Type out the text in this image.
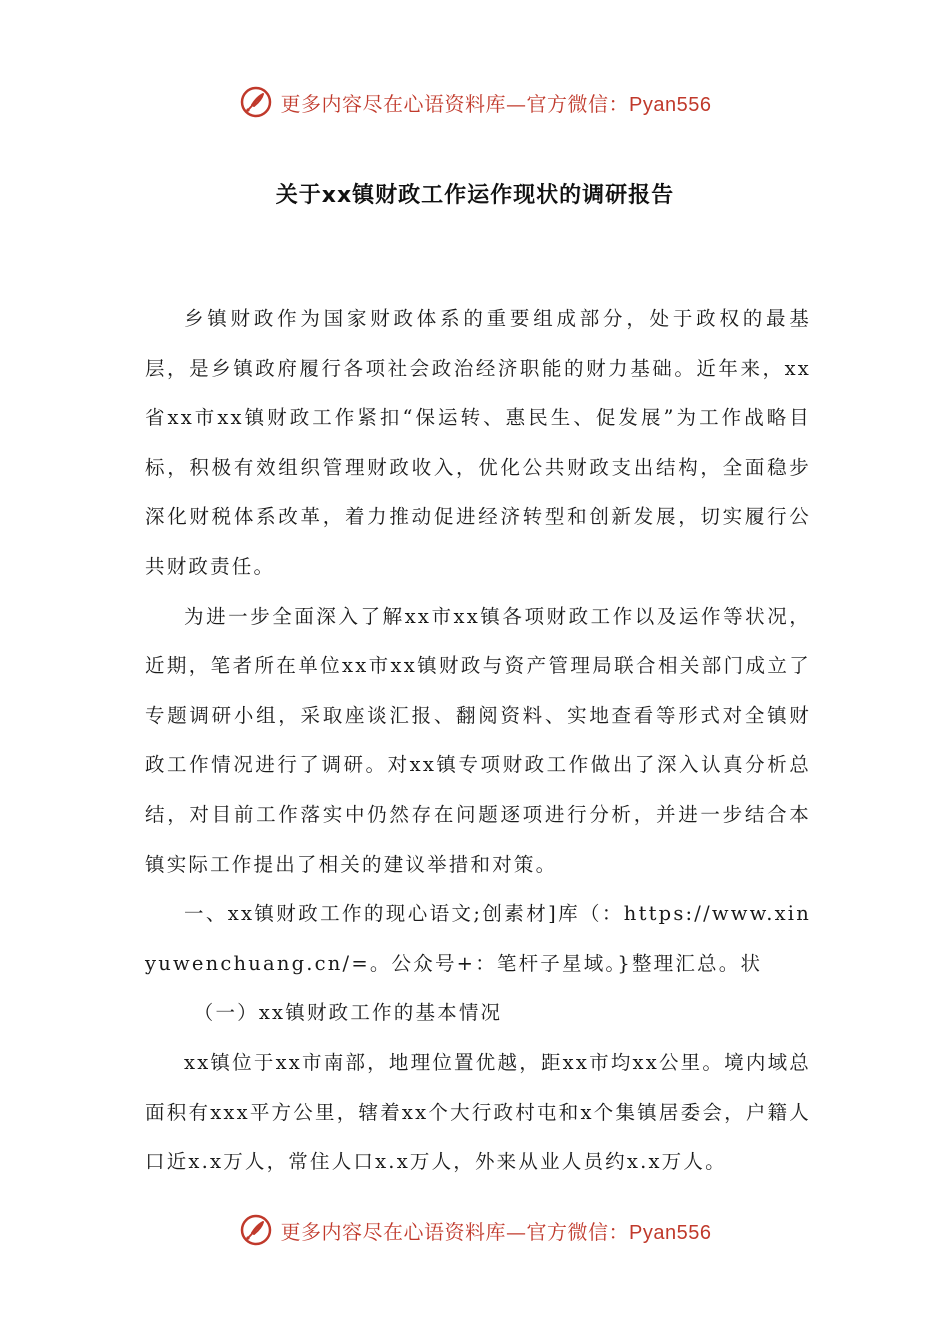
更多内容尽在心语资料库—官方微信：Pyan556
关于xx镇财政工作运作现状的调研报告

乡镇财政作为国家财政体系的重要组成部分，处于政权的最基层，是乡镇政府履行各项社会政治经济职能的财力基础。近年来，xx省xx市xx镇财政工作紧扣“保运转、惠民生、促发展”为工作战略目标，积极有效组织管理财政收入，优化公共财政支出结构，全面稳步深化财税体系改革，着力推动促进经济转型和创新发展，切实履行公共财政责任。

为进一步全面深入了解xx市xx镇各项财政工作以及运作等状况，近期，笔者所在单位xx市xx镇财政与资产管理局联合相关部门成立了专题调研小组，采取座谈汇报、翻阅资料、实地查看等形式对全镇财政工作情况进行了调研。对xx镇专项财政工作做出了深入认真分析总结，对目前工作落实中仍然存在问题逐项进行分析，并进一步结合本镇实际工作提出了相关的建议举措和对策。

一、xx镇财政工作的现心语文;创素材]库（：https://www.xinyuwenchuang.cn/=。公众号+：笔杆子星域。}整理汇总。状

（一）xx镇财政工作的基本情况

xx镇位于xx市南部，地理位置优越，距xx市均xx公里。境内域总面积有xxx平方公里，辖着xx个大行政村屯和x个集镇居委会，户籍人口近x.x万人，常住人口x.x万人，外来从业人员约x.x万人。

更多内容尽在心语资料库—官方微信：Pyan556
